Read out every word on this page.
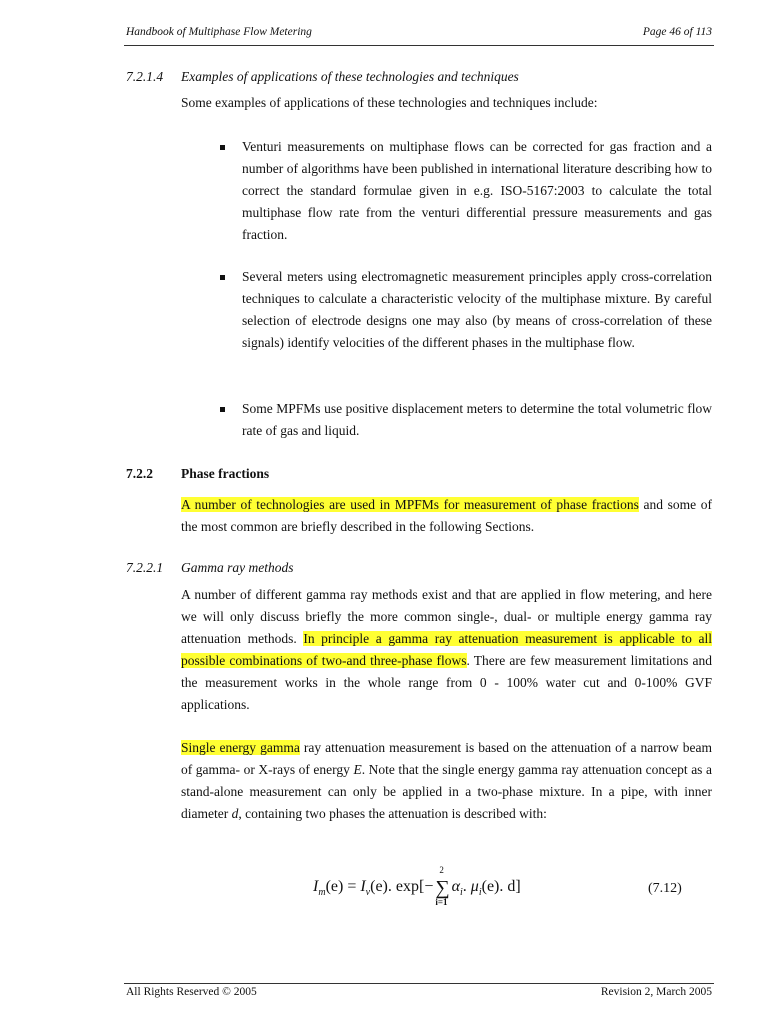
Handbook of Multiphase Flow Metering	Page 46 of 113
7.2.1.4 Examples of applications of these technologies and techniques
Some examples of applications of these technologies and techniques include:
Venturi measurements on multiphase flows can be corrected for gas fraction and a number of algorithms have been published in international literature describing how to correct the standard formulae given in e.g. ISO-5167:2003 to calculate the total multiphase flow rate from the venturi differential pressure measurements and gas fraction.
Several meters using electromagnetic measurement principles apply cross-correlation techniques to calculate a characteristic velocity of the multiphase mixture. By careful selection of electrode designs one may also (by means of cross-correlation of these signals) identify velocities of the different phases in the multiphase flow.
Some MPFMs use positive displacement meters to determine the total volumetric flow rate of gas and liquid.
7.2.2 Phase fractions
A number of technologies are used in MPFMs for measurement of phase fractions and some of the most common are briefly described in the following Sections.
7.2.2.1 Gamma ray methods
A number of different gamma ray methods exist and that are applied in flow metering, and here we will only discuss briefly the more common single-, dual- or multiple energy gamma ray attenuation methods. In principle a gamma ray attenuation measurement is applicable to all possible combinations of two-and three-phase flows. There are few measurement limitations and the measurement works in the whole range from 0 - 100% water cut and 0-100% GVF applications.
Single energy gamma ray attenuation measurement is based on the attenuation of a narrow beam of gamma- or X-rays of energy E. Note that the single energy gamma ray attenuation concept as a stand-alone measurement can only be applied in a two-phase mixture. In a pipe, with inner diameter d, containing two phases the attenuation is described with:
$I_m(e) = I_v(e)$. exp[− ∑
2
i=1
$\alpha_i$. $\mu_i(e)$. d]	(7.12)
All Rights Reserved © 2005	Revision 2, March 2005
